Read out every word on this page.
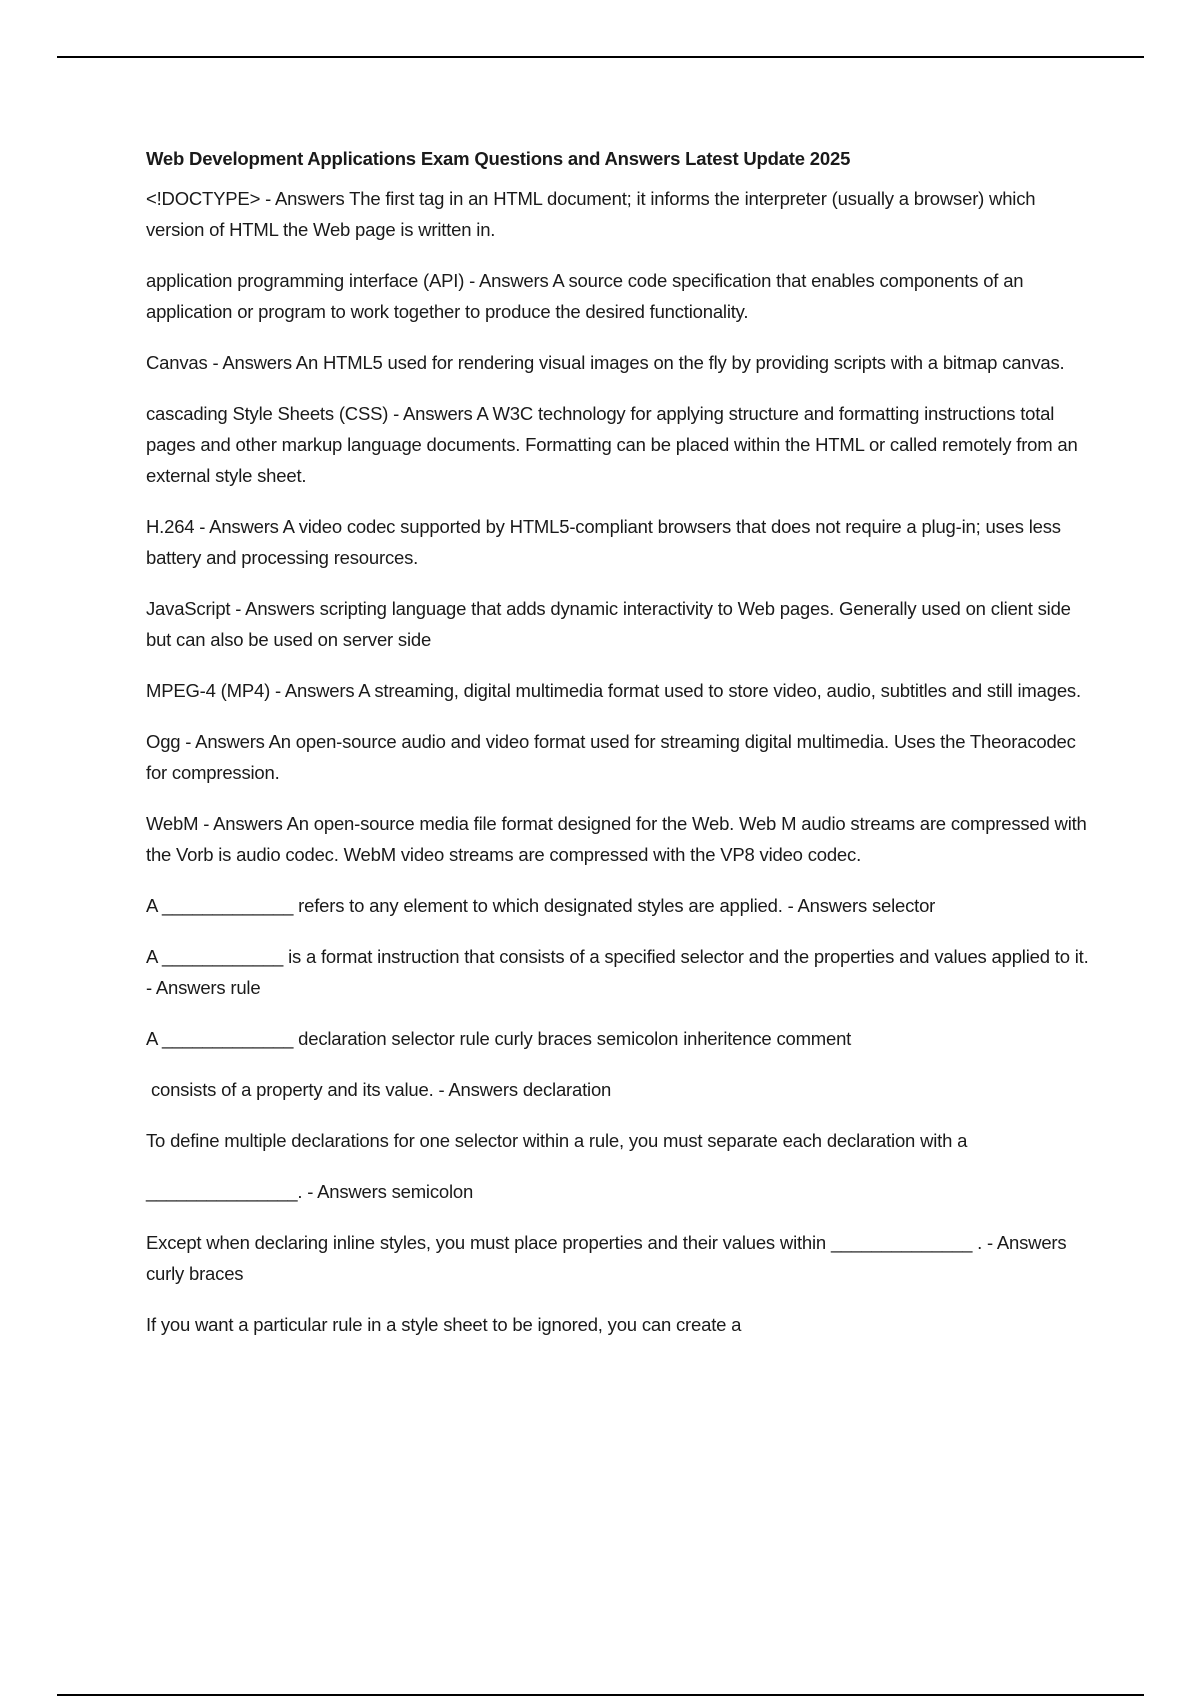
Web Development Applications Exam Questions and Answers Latest Update 2025

<!DOCTYPE> - Answers The first tag in an HTML document; it informs the interpreter (usually a browser) which version of HTML the Web page is written in.

application programming interface (API) - Answers A source code specification that enables components of an application or program to work together to produce the desired functionality.

Canvas - Answers An HTML5 used for rendering visual images on the fly by providing scripts with a bitmap canvas.

cascading Style Sheets (CSS) - Answers A W3C technology for applying structure and formatting instructions total pages and other markup language documents. Formatting can be placed within the HTML or called remotely from an external style sheet.

H.264 - Answers A video codec supported by HTML5-compliant browsers that does not require a plug-in; uses less battery and processing resources.

JavaScript - Answers scripting language that adds dynamic interactivity to Web pages. Generally used on client side but can also be used on server side

MPEG-4 (MP4) - Answers A streaming, digital multimedia format used to store video, audio, subtitles and still images.

Ogg - Answers An open-source audio and video format used for streaming digital multimedia. Uses the Theoracodec for compression.

WebM - Answers An open-source media file format designed for the Web. Web M audio streams are compressed with the Vorb is audio codec. WebM video streams are compressed with the VP8 video codec.

A _____________ refers to any element to which designated styles are applied. - Answers selector

A ____________ is a format instruction that consists of a specified selector and the properties and values applied to it. - Answers rule

A _____________ declaration selector rule curly braces semicolon inheritence comment

consists of a property and its value. - Answers declaration

To define multiple declarations for one selector within a rule, you must separate each declaration with a

_______________. - Answers semicolon

Except when declaring inline styles, you must place properties and their values within ______________ . - Answers curly braces

If you want a particular rule in a style sheet to be ignored, you can create a
